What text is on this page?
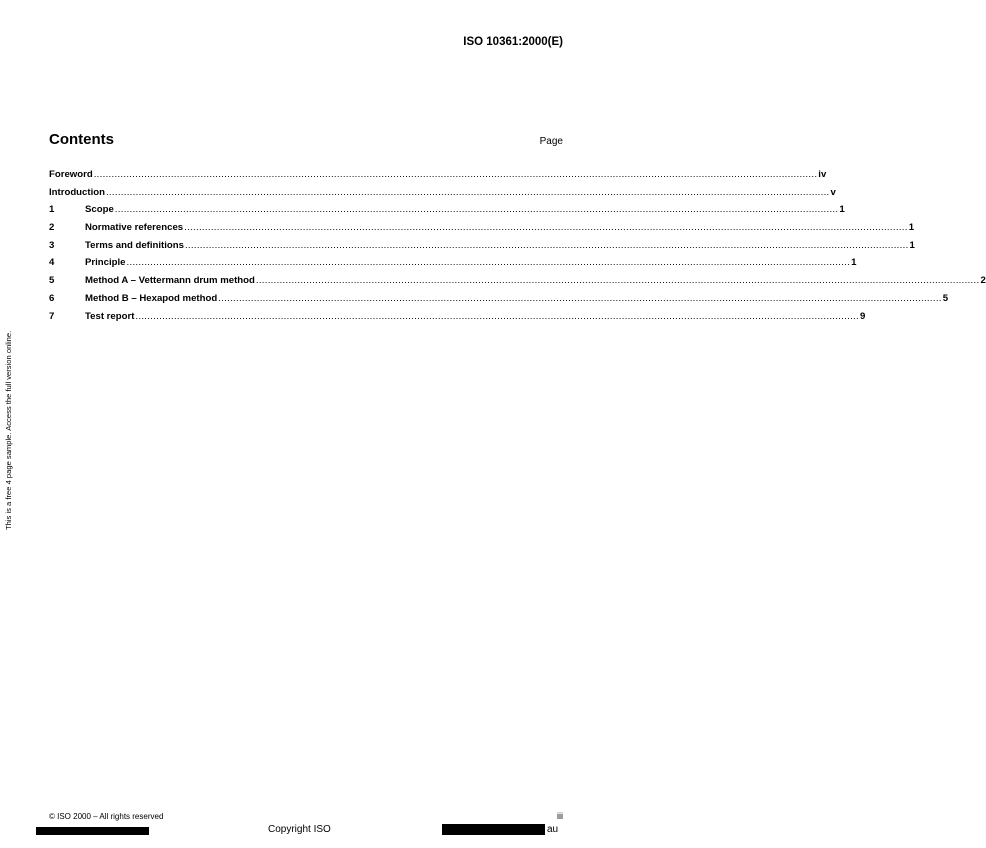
ISO 10361:2000(E)
This is a free 4 page sample. Access the full version online.
Contents	Page
Foreword .................................................................................................................................................................................................................................................... iv
Introduction .................................................................................................................................................................................................................................................... v
1	Scope .................................................................................................................................................................................................................................................... 1
2	Normative references .................................................................................................................................................................................................................................................... 1
3	Terms and definitions .................................................................................................................................................................................................................................................... 1
4	Principle .................................................................................................................................................................................................................................................... 1
5	Method A – Vettermann drum method .................................................................................................................................................................................................................................................... 2
6	Method B – Hexapod method .................................................................................................................................................................................................................................................... 5
7	Test report .................................................................................................................................................................................................................................................... 9
© ISO 2000 – All rights reserved	iii
Copyright ISO	au
